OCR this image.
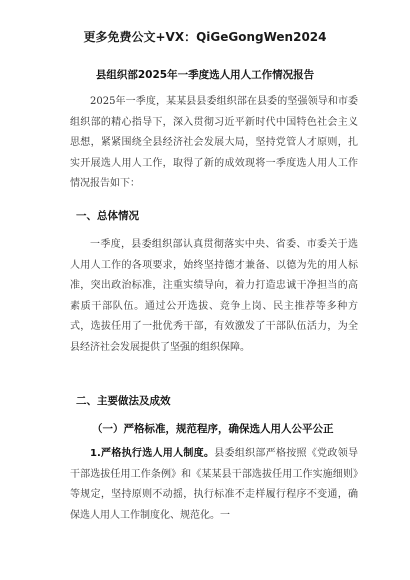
更多免费公文+VX：QiGeGongWen2024
县组织部2025年一季度选人用人工作情况报告

2025年一季度，某某县县委组织部在县委的坚强领导和市委组织部的精心指导下，深入贯彻习近平新时代中国特色社会主义思想，紧紧围绕全县经济社会发展大局，坚持党管人才原则，扎实开展选人用人工作，取得了新的成效现将一季度选人用人工作情况报告如下：

一、总体情况

一季度，县委组织部认真贯彻落实中央、省委、市委关于选人用人工作的各项要求，始终坚持德才兼备、以德为先的用人标准，突出政治标准，注重实绩导向，着力打造忠诚干净担当的高素质干部队伍。通过公开选拔、竞争上岗、民主推荐等多种方式，选拔任用了一批优秀干部，有效激发了干部队伍活力，为全县经济社会发展提供了坚强的组织保障。

二、主要做法及成效
（一）严格标准，规范程序，确保选人用人公平公正

1.严格执行选人用人制度。县委组织部严格按照《党政领导干部选拔任用工作条例》和《某某县干部选拔任用工作实施细则》等规定，坚持原则不动摇，执行标准不走样履行程序不变通，确保选人用人工作制度化、规范化。一
